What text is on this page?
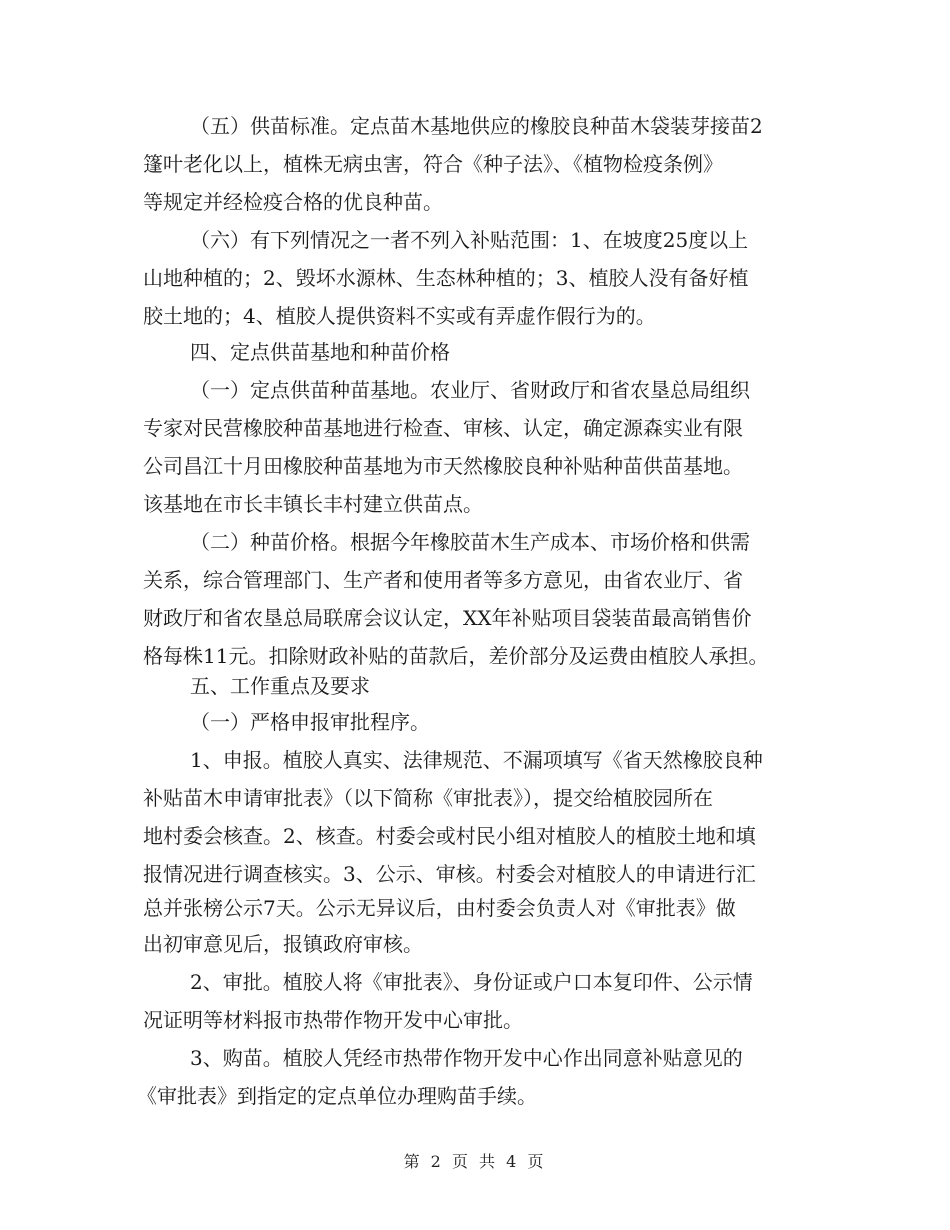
（五）供苗标准。定点苗木基地供应的橡胶良种苗木袋装芽接苗2
篷叶老化以上，植株无病虫害，符合《种子法》、《植物检疫条例》
等规定并经检疫合格的优良种苗。
（六）有下列情况之一者不列入补贴范围：1、在坡度25度以上
山地种植的；2、毁坏水源林、生态林种植的；3、植胶人没有备好植
胶土地的；4、植胶人提供资料不实或有弄虚作假行为的。
四、定点供苗基地和种苗价格
（一）定点供苗种苗基地。农业厅、省财政厅和省农垦总局组织
专家对民营橡胶种苗基地进行检查、审核、认定，确定源森实业有限
公司昌江十月田橡胶种苗基地为市天然橡胶良种补贴种苗供苗基地。
该基地在市长丰镇长丰村建立供苗点。
（二）种苗价格。根据今年橡胶苗木生产成本、市场价格和供需
关系，综合管理部门、生产者和使用者等多方意见，由省农业厅、省
财政厅和省农垦总局联席会议认定，XX年补贴项目袋装苗最高销售价
格每株11元。扣除财政补贴的苗款后，差价部分及运费由植胶人承担。
五、工作重点及要求
（一）严格申报审批程序。
1、申报。植胶人真实、法律规范、不漏项填写《省天然橡胶良种
补贴苗木申请审批表》（以下简称《审批表》），提交给植胶园所在
地村委会核查。2、核查。村委会或村民小组对植胶人的植胶土地和填
报情况进行调查核实。3、公示、审核。村委会对植胶人的申请进行汇
总并张榜公示7天。公示无异议后，由村委会负责人对《审批表》做
出初审意见后，报镇政府审核。
2、审批。植胶人将《审批表》、身份证或户口本复印件、公示情
况证明等材料报市热带作物开发中心审批。
3、购苗。植胶人凭经市热带作物开发中心作出同意补贴意见的
《审批表》到指定的定点单位办理购苗手续。
第 2 页 共 4 页
